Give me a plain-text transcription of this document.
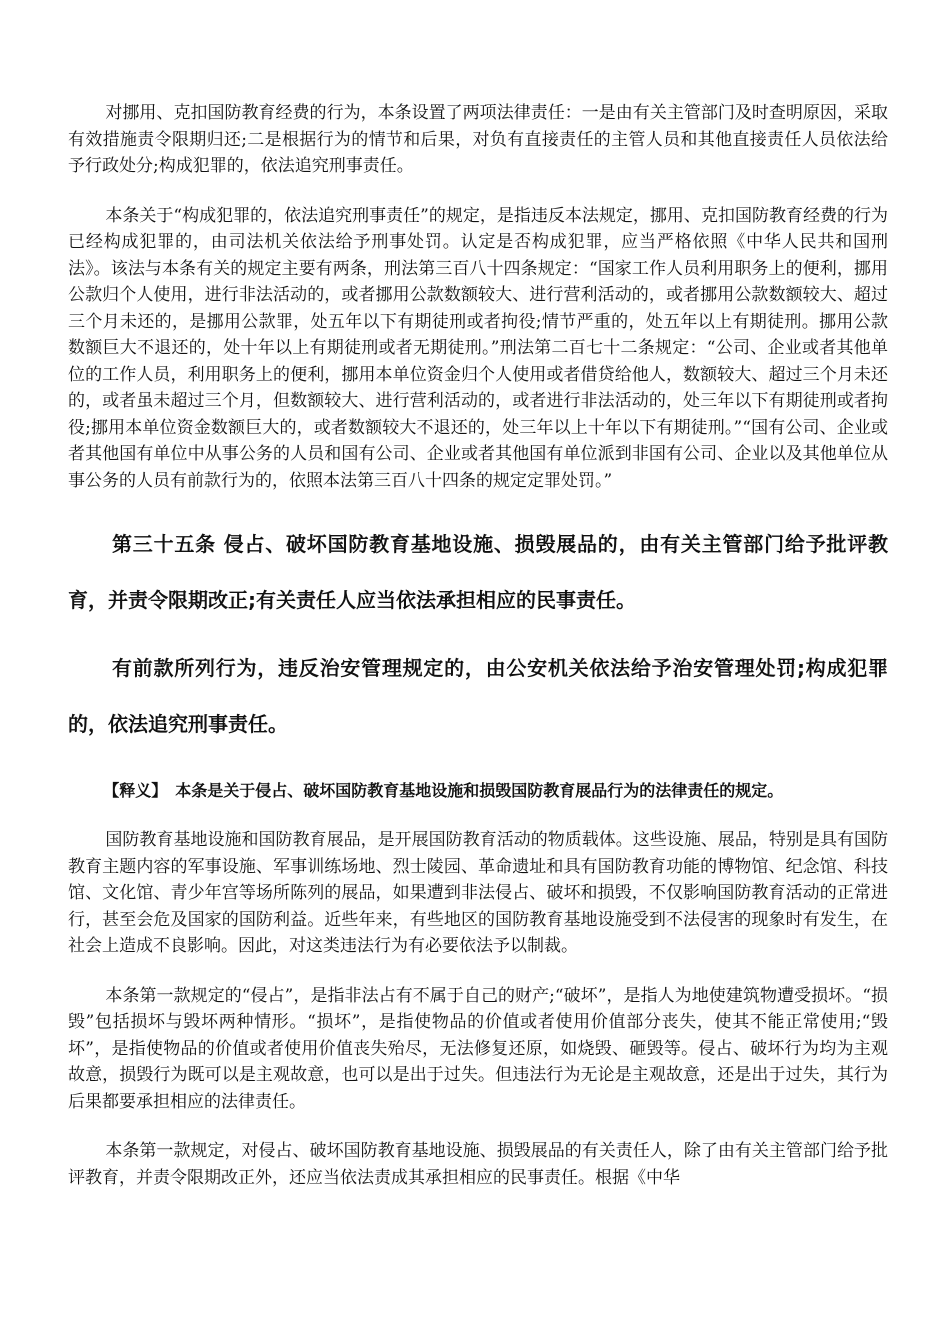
对挪用、克扣国防教育经费的行为，本条设置了两项法律责任：一是由有关主管部门及时查明原因，采取有效措施责令限期归还;二是根据行为的情节和后果，对负有直接责任的主管人员和其他直接责任人员依法给予行政处分;构成犯罪的，依法追究刑事责任。

本条关于“构成犯罪的，依法追究刑事责任”的规定，是指违反本法规定，挪用、克扣国防教育经费的行为已经构成犯罪的，由司法机关依法给予刑事处罚。认定是否构成犯罪，应当严格依照《中华人民共和国刑法》。该法与本条有关的规定主要有两条，刑法第三百八十四条规定：“国家工作人员利用职务上的便利，挪用公款归个人使用，进行非法活动的，或者挪用公款数额较大、进行营利活动的，或者挪用公款数额较大、超过三个月未还的，是挪用公款罪，处五年以下有期徒刑或者拘役;情节严重的，处五年以上有期徒刑。挪用公款数额巨大不退还的，处十年以上有期徒刑或者无期徒刑。”刑法第二百七十二条规定：“公司、企业或者其他单位的工作人员，利用职务上的便利，挪用本单位资金归个人使用或者借贷给他人，数额较大、超过三个月未还的，或者虽未超过三个月，但数额较大、进行营利活动的，或者进行非法活动的，处三年以下有期徒刑或者拘役;挪用本单位资金数额巨大的，或者数额较大不退还的，处三年以上十年以下有期徒刑。”“国有公司、企业或者其他国有单位中从事公务的人员和国有公司、企业或者其他国有单位派到非国有公司、企业以及其他单位从事公务的人员有前款行为的，依照本法第三百八十四条的规定定罪处罚。”

第三十五条 侵占、破坏国防教育基地设施、损毁展品的，由有关主管部门给予批评教育，并责令限期改正;有关责任人应当依法承担相应的民事责任。

有前款所列行为，违反治安管理规定的，由公安机关依法给予治安管理处罚;构成犯罪的，依法追究刑事责任。

【释义】 本条是关于侵占、破坏国防教育基地设施和损毁国防教育展品行为的法律责任的规定。

国防教育基地设施和国防教育展品，是开展国防教育活动的物质载体。这些设施、展品，特别是具有国防教育主题内容的军事设施、军事训练场地、烈士陵园、革命遗址和具有国防教育功能的博物馆、纪念馆、科技馆、文化馆、青少年宫等场所陈列的展品，如果遭到非法侵占、破坏和损毁，不仅影响国防教育活动的正常进行，甚至会危及国家的国防利益。近些年来，有些地区的国防教育基地设施受到不法侵害的现象时有发生，在社会上造成不良影响。因此，对这类违法行为有必要依法予以制裁。

本条第一款规定的“侵占”，是指非法占有不属于自己的财产;“破坏”，是指人为地使建筑物遭受损坏。“损毁”包括损坏与毁坏两种情形。“损坏”，是指使物品的价值或者使用价值部分丧失，使其不能正常使用;“毁坏”，是指使物品的价值或者使用价值丧失殆尽，无法修复还原，如烧毁、砸毁等。侵占、破坏行为均为主观故意，损毁行为既可以是主观故意，也可以是出于过失。但违法行为无论是主观故意，还是出于过失，其行为后果都要承担相应的法律责任。

本条第一款规定，对侵占、破坏国防教育基地设施、损毁展品的有关责任人，除了由有关主管部门给予批评教育，并责令限期改正外，还应当依法责成其承担相应的民事责任。根据《中华
